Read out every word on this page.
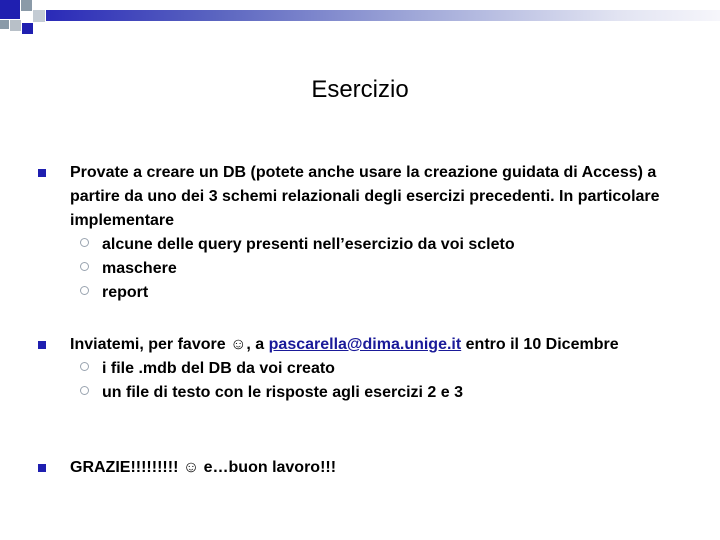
Esercizio
Provate a creare un DB (potete anche usare la creazione guidata di Access) a partire da uno dei 3 schemi relazionali degli esercizi precedenti. In particolare implementare
alcune delle query presenti nell’esercizio da voi scleto
maschere
report
Inviatemi, per favore ☺, a pascarella@dima.unige.it entro il 10 Dicembre
i file .mdb del DB da voi creato
un file di testo con le risposte agli esercizi 2 e 3
GRAZIE!!!!!!!!! ☺ e…buon lavoro!!!
